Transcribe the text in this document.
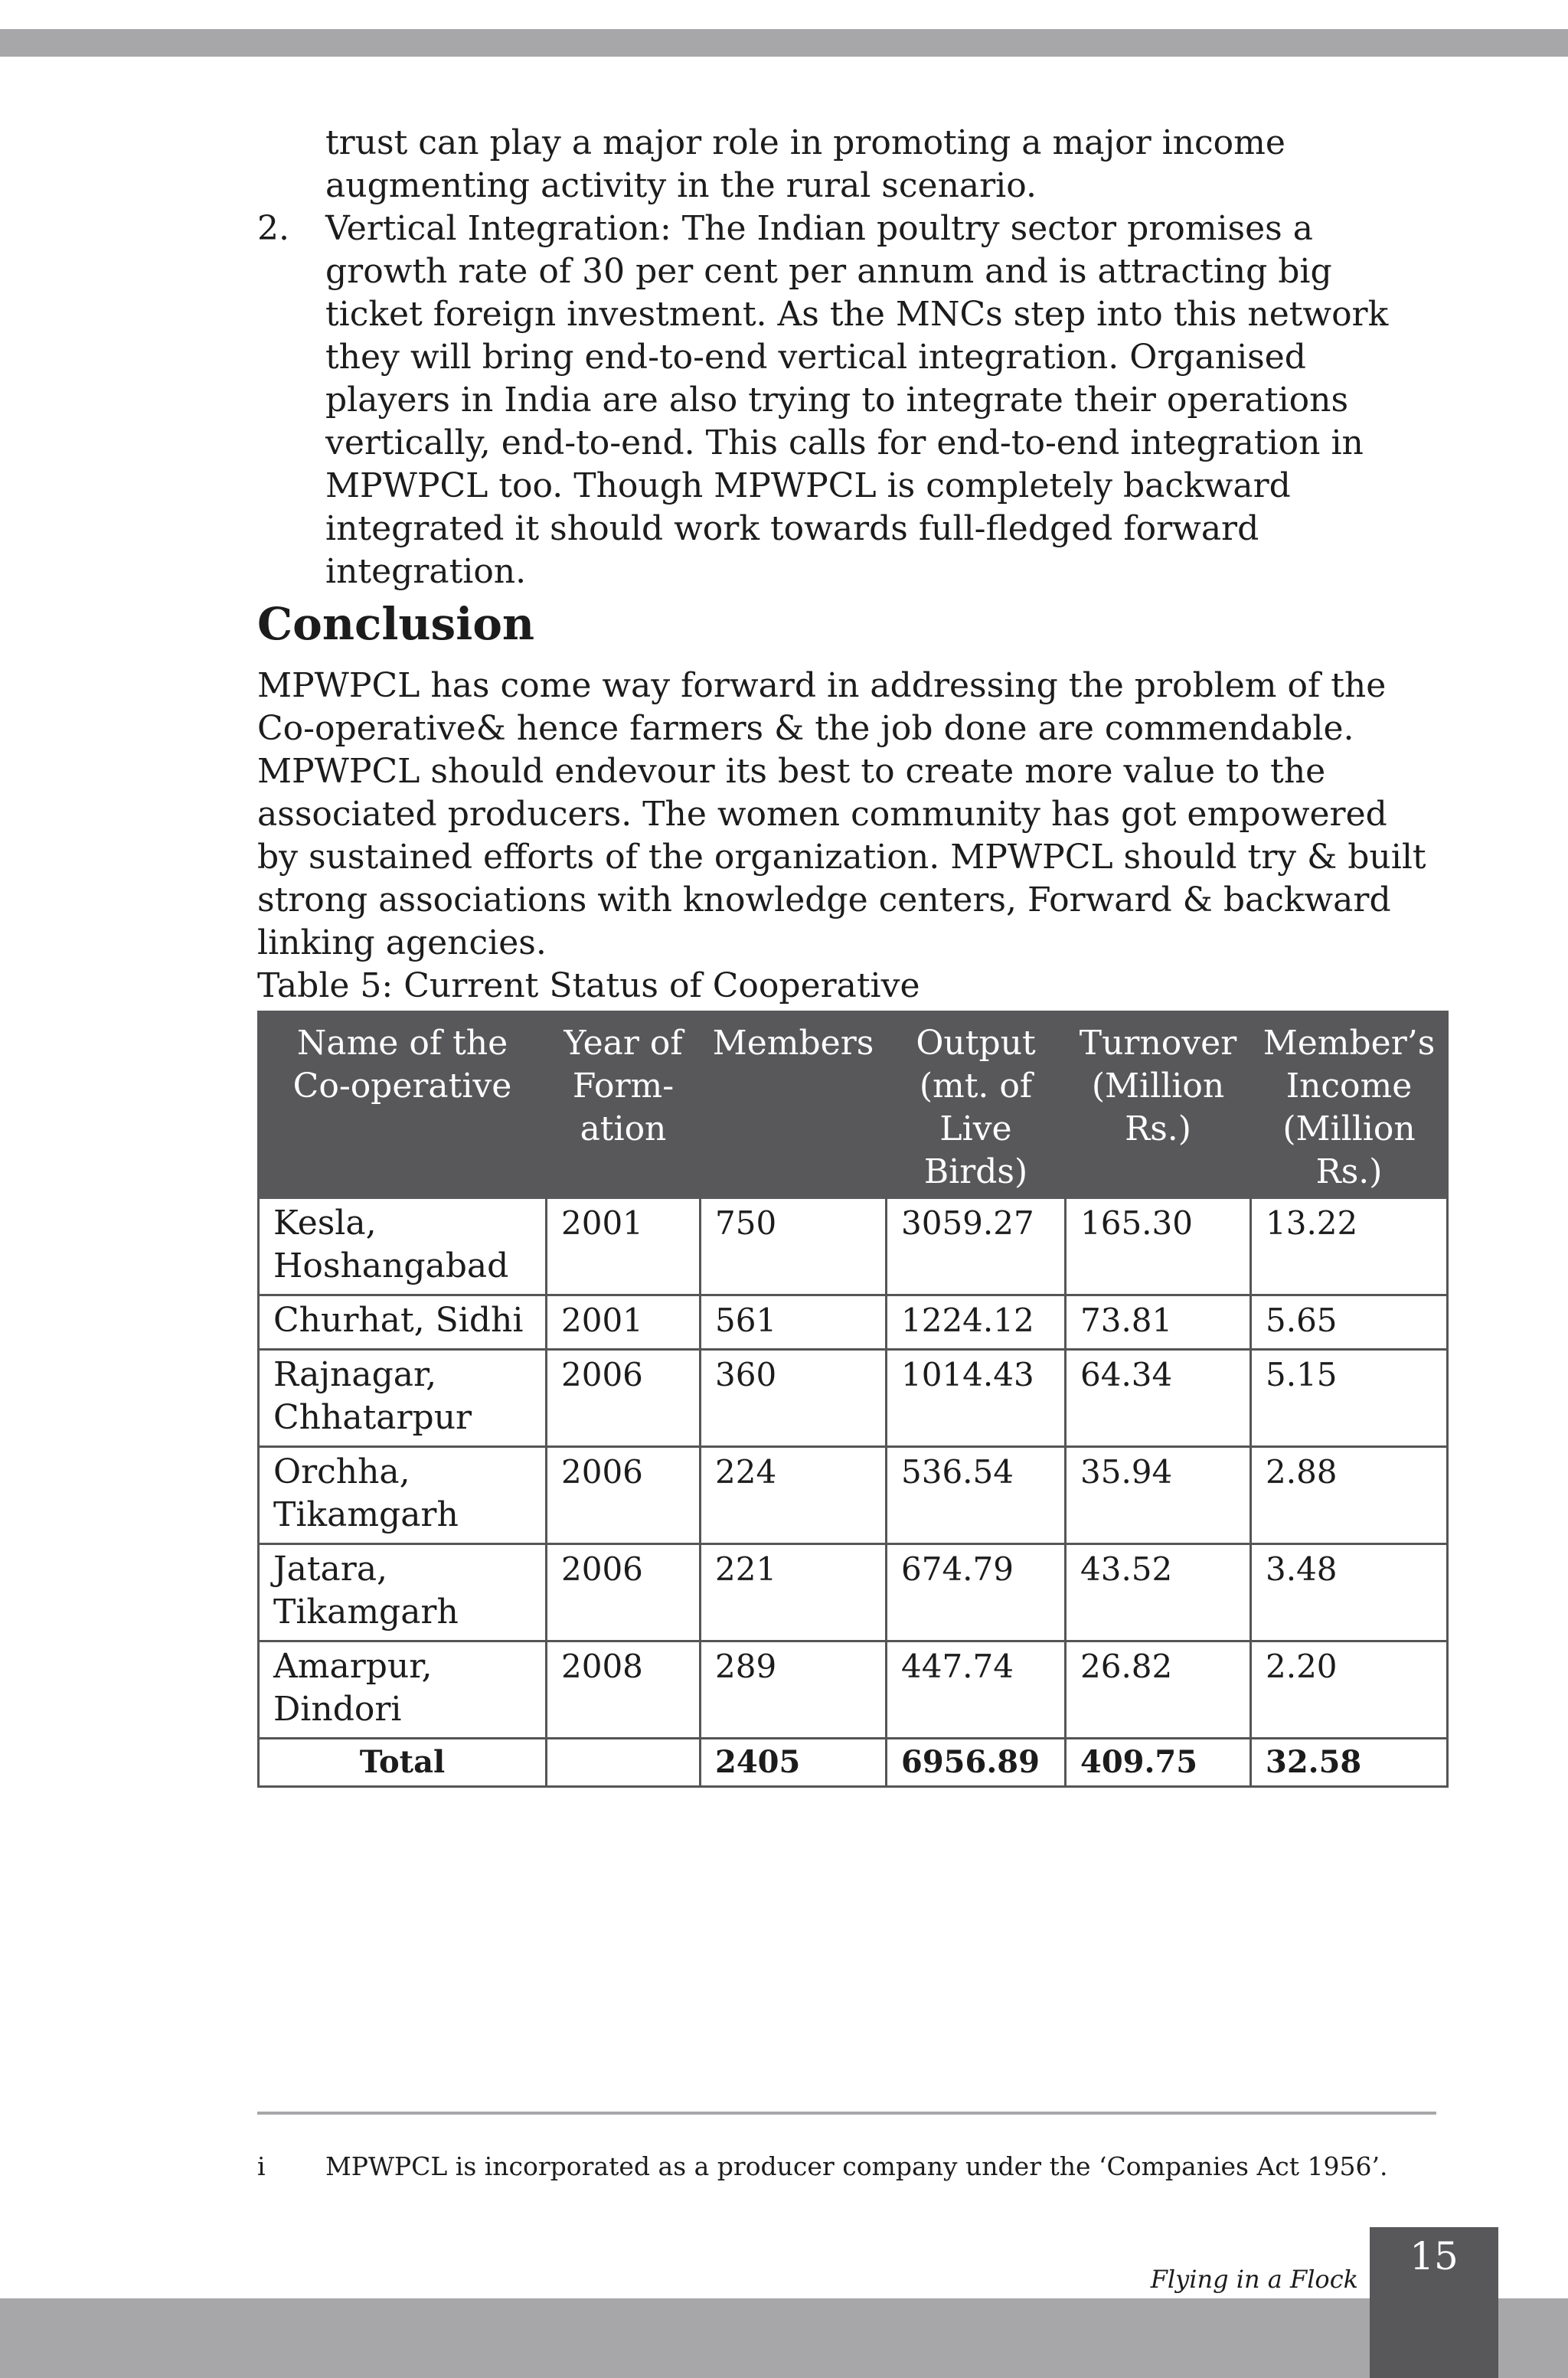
trust can play a major role in promoting a major income augmenting activity in the rural scenario.

2.	Vertical Integration: The Indian poultry sector promises a growth rate of 30 per cent per annum and is attracting big ticket foreign investment. As the MNCs step into this network they will bring end-to-end vertical integration. Organised players in India are also trying to integrate their operations vertically, end-to-end. This calls for end-to-end integration in MPWPCL too. Though MPWPCL is completely backward integrated it should work towards full-fledged forward integration.
Conclusion

MPWPCL has come way forward in addressing the problem of the Co-operative& hence farmers & the job done are commendable. MPWPCL should endevour its best to create more value to the associated producers. The women community has got empowered by sustained efforts of the organization. MPWPCL should try & built strong associations with knowledge centers, Forward & backward linking agencies.

Table 5: Current Status of Cooperative
Name of the Co-operative	Year of Form-ation	Members	Output (mt. of Live Birds)	Turnover (Million Rs.)	Member’s Income (Million Rs.)
Kesla, Hoshangabad	2001	750	3059.27	165.30	13.22
Churhat, Sidhi	2001	561	1224.12	73.81	5.65
Rajnagar, Chhatarpur	2006	360	1014.43	64.34	5.15
Orchha, Tikamgarh	2006	224	536.54	35.94	2.88
Jatara, Tikamgarh	2006	221	674.79	43.52	3.48
Amarpur, Dindori	2008	289	447.74	26.82	2.20
Total		2405	6956.89	409.75	32.58
i MPWPCL is incorporated as a producer company under the ‘Companies Act 1956’.
Flying in a Flock
15
